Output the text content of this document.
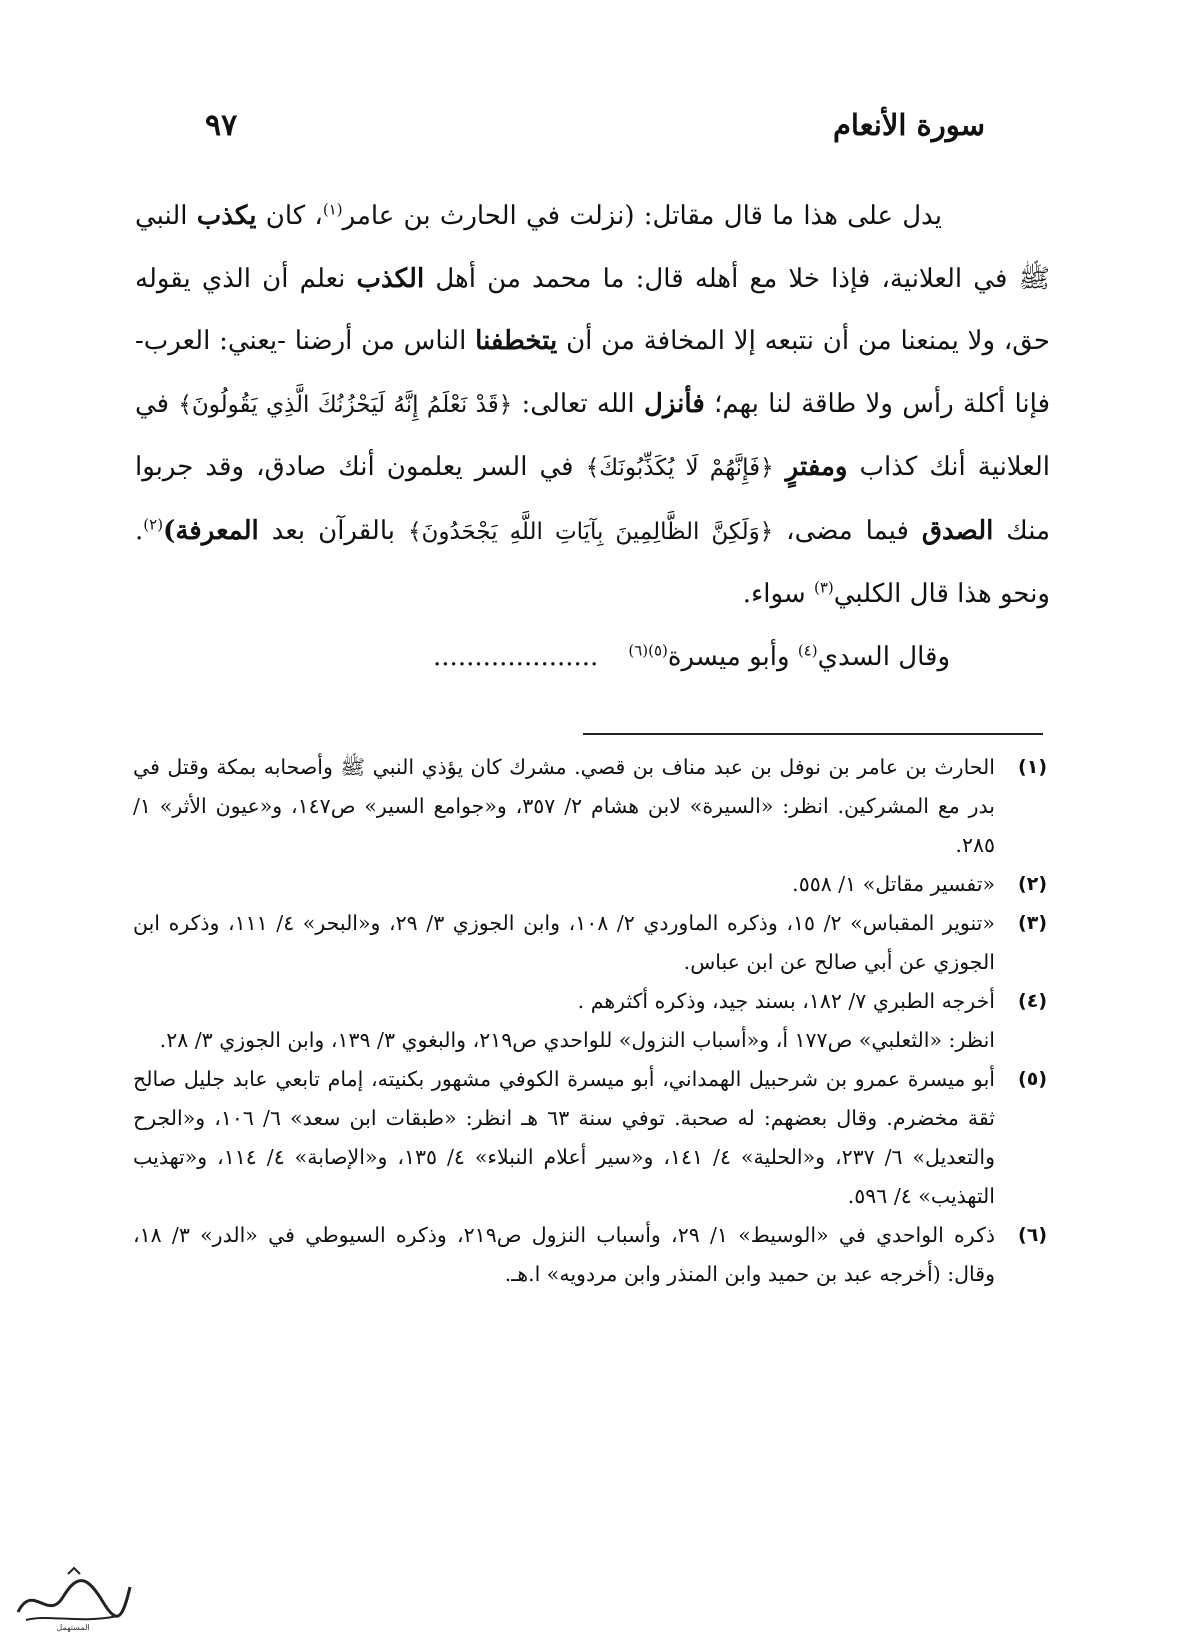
سورة الأنعام
٩٧

يدل على هذا ما قال مقاتل: (نزلت في الحارث بن عامر$^{(١)}$، كان يكذب النبي ﷺ في العلانية، فإذا خلا مع أهله قال: ما محمد من أهل الكذب نعلم أن الذي يقوله حق، ولا يمنعنا من أن نتبعه إلا المخافة من أن يتخطفنا الناس من أرضنا -يعني: العرب- فإنا أكلة رأس ولا طاقة لنا بهم؛ فأنزل الله تعالى: ﴿قَدْ نَعْلَمُ إِنَّهُ لَيَحْزُنُكَ الَّذِي يَقُولُونَ﴾ في العلانية أنك كذاب ومفترٍ ﴿فَإِنَّهُمْ لَا يُكَذِّبُونَكَ﴾ في السر يعلمون أنك صادق، وقد جربوا منك الصدق فيما مضى، ﴿وَلَكِنَّ الظَّالِمِينَ بِآيَاتِ اللَّهِ يَجْحَدُونَ﴾ بالقرآن بعد المعرفة)$^{(٢)}$. ونحو هذا قال الكلبي$^{(٣)}$ سواء.

وقال السدي$^{(٤)}$ وأبو ميسرة$^{(٥)(٦)}$....................
(١)
الحارث بن عامر بن نوفل بن عبد مناف بن قصي. مشرك كان يؤذي النبي ﷺ وأصحابه بمكة وقتل في بدر مع المشركين. انظر: «السيرة» لابن هشام ٢/ ٣٥٧، و«جوامع السير» ص١٤٧، و«عيون الأثر» ١/ ٢٨٥.
(٢)
«تفسير مقاتل» ١/ ٥٥٨.
(٣)
«تنوير المقباس» ٢/ ١٥، وذكره الماوردي ٢/ ١٠٨، وابن الجوزي ٣/ ٢٩، و«البحر» ٤/ ١١١، وذكره ابن الجوزي عن أبي صالح عن ابن عباس.
(٤)
أخرجه الطبري ٧/ ١٨٢، بسند جيد، وذكره أكثرهم .
انظر: «الثعلبي» ص١٧٧ أ، و«أسباب النزول» للواحدي ص٢١٩، والبغوي ٣/ ١٣٩، وابن الجوزي ٣/ ٢٨.
(٥)
أبو ميسرة عمرو بن شرحبيل الهمداني، أبو ميسرة الكوفي مشهور بكنيته، إمام تابعي عابد جليل صالح ثقة مخضرم. وقال بعضهم: له صحبة. توفي سنة ٦٣ هـ انظر: «طبقات ابن سعد» ٦/ ١٠٦، و«الجرح والتعديل» ٦/ ٢٣٧، و«الحلية» ٤/ ١٤١، و«سير أعلام النبلاء» ٤/ ١٣٥، و«الإصابة» ٤/ ١١٤، و«تهذيب التهذيب» ٤/ ٥٩٦.
(٦)
ذكره الواحدي في «الوسيط» ١/ ٢٩، وأسباب النزول ص٢١٩، وذكره السيوطي في «الدر» ٣/ ١٨، وقال: (أخرجه عبد بن حميد وابن المنذر وابن مردويه» ا.هـ.
المستهمل
